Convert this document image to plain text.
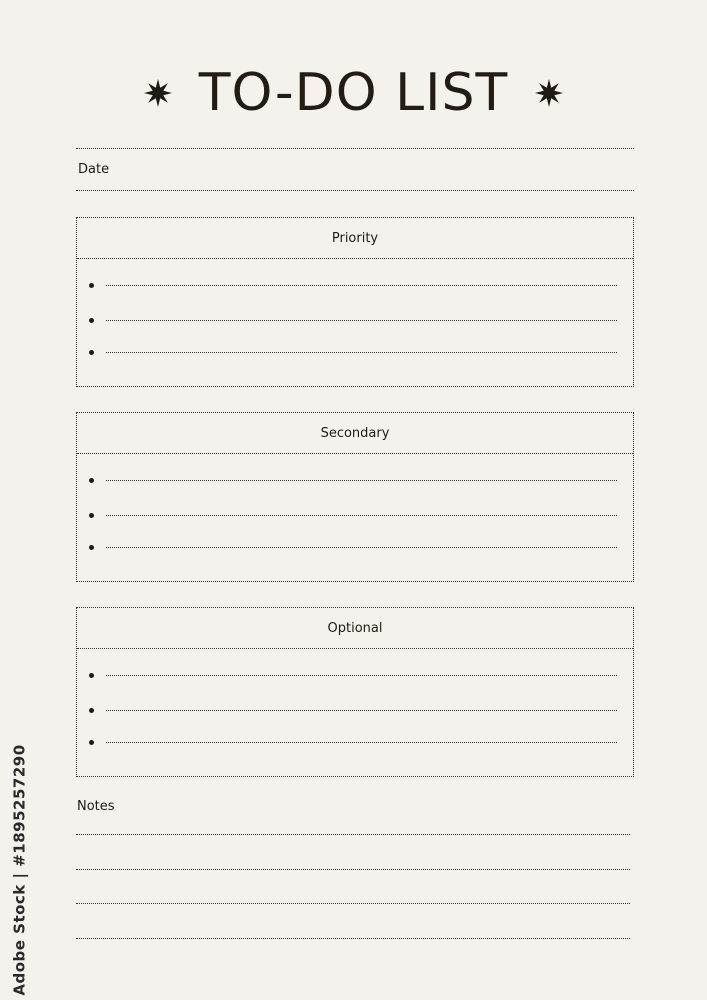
TO-DO LIST
Date
Priority
Secondary
Optional
Notes
Adobe Stock | #1895257290
